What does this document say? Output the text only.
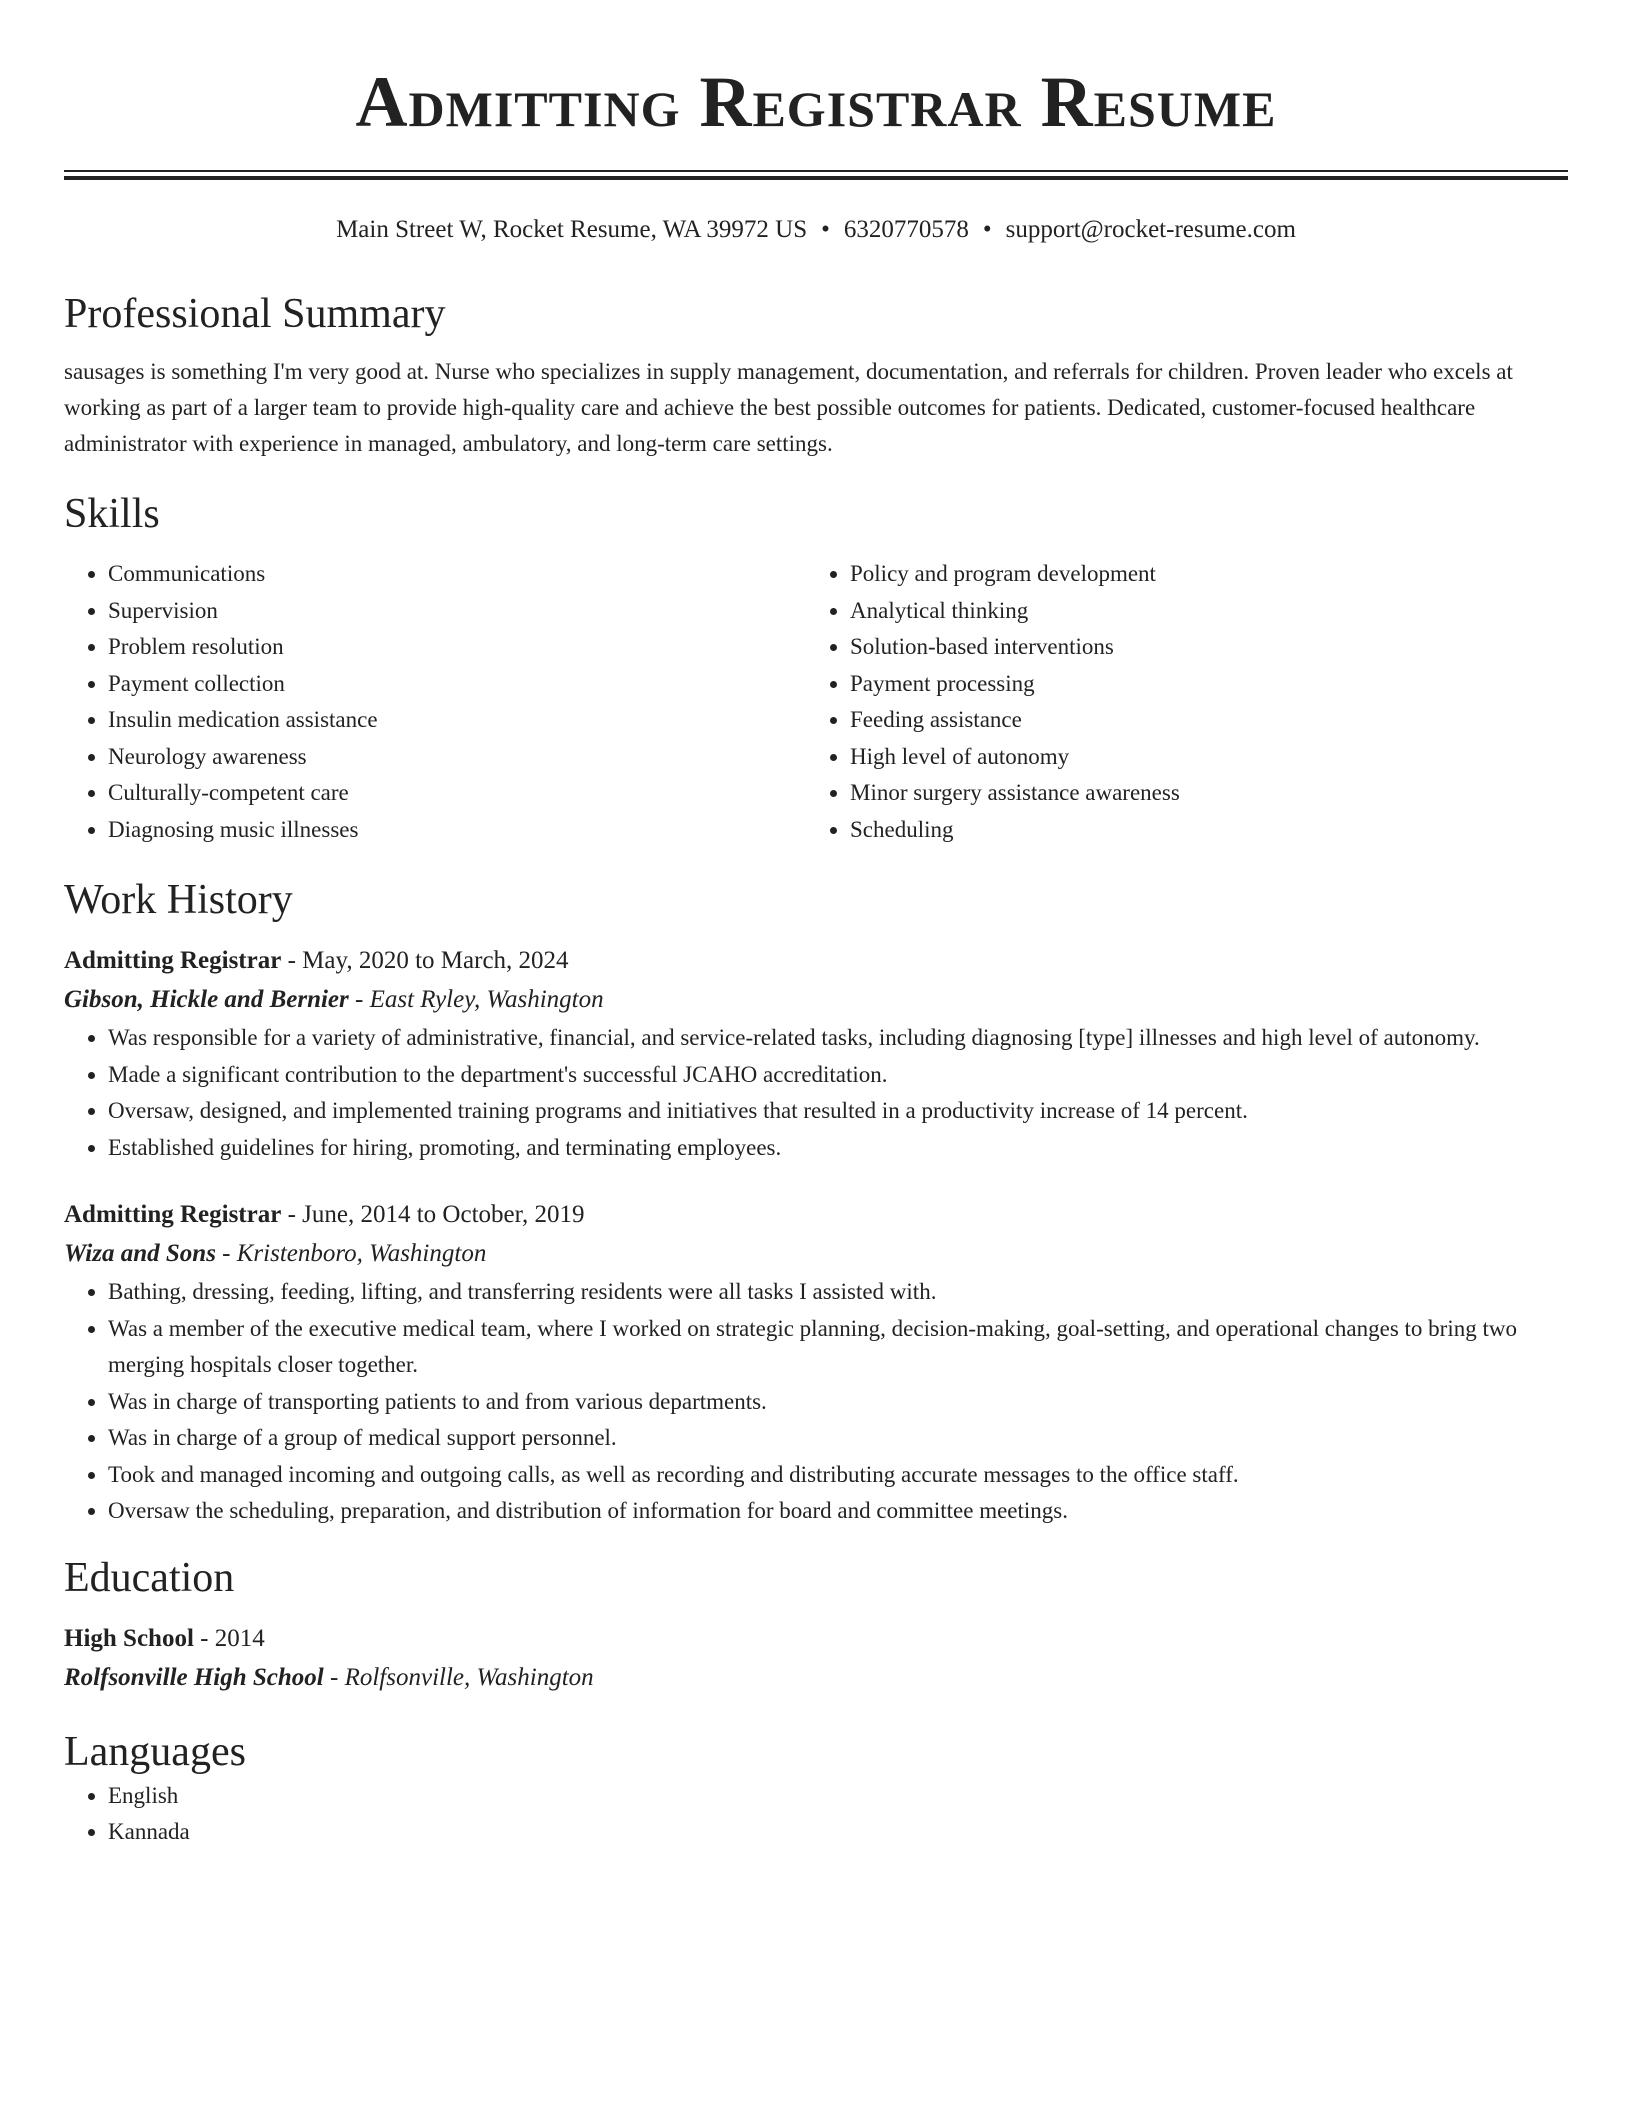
Admitting Registrar Resume
Main Street W, Rocket Resume, WA 39972 US • 6320770578 • support@rocket-resume.com
Professional Summary

sausages is something I'm very good at. Nurse who specializes in supply management, documentation, and referrals for children. Proven leader who excels at working as part of a larger team to provide high-quality care and achieve the best possible outcomes for patients. Dedicated, customer-focused healthcare administrator with experience in managed, ambulatory, and long-term care settings.

Skills
• Communications
• Supervision
• Problem resolution
• Payment collection
• Insulin medication assistance
• Neurology awareness
• Culturally-competent care
• Diagnosing music illnesses
• Policy and program development
• Analytical thinking
• Solution-based interventions
• Payment processing
• Feeding assistance
• High level of autonomy
• Minor surgery assistance awareness
• Scheduling
Work History
Admitting Registrar - May, 2020 to March, 2024
Gibson, Hickle and Bernier - East Ryley, Washington
• Was responsible for a variety of administrative, financial, and service-related tasks, including diagnosing [type] illnesses and high level of autonomy.
• Made a significant contribution to the department's successful JCAHO accreditation.
• Oversaw, designed, and implemented training programs and initiatives that resulted in a productivity increase of 14 percent.
• Established guidelines for hiring, promoting, and terminating employees.
Admitting Registrar - June, 2014 to October, 2019
Wiza and Sons - Kristenboro, Washington
• Bathing, dressing, feeding, lifting, and transferring residents were all tasks I assisted with.
• Was a member of the executive medical team, where I worked on strategic planning, decision-making, goal-setting, and operational changes to bring two merging hospitals closer together.
• Was in charge of transporting patients to and from various departments.
• Was in charge of a group of medical support personnel.
• Took and managed incoming and outgoing calls, as well as recording and distributing accurate messages to the office staff.
• Oversaw the scheduling, preparation, and distribution of information for board and committee meetings.
Education
High School - 2014
Rolfsonville High School - Rolfsonville, Washington
Languages
• English
• Kannada
